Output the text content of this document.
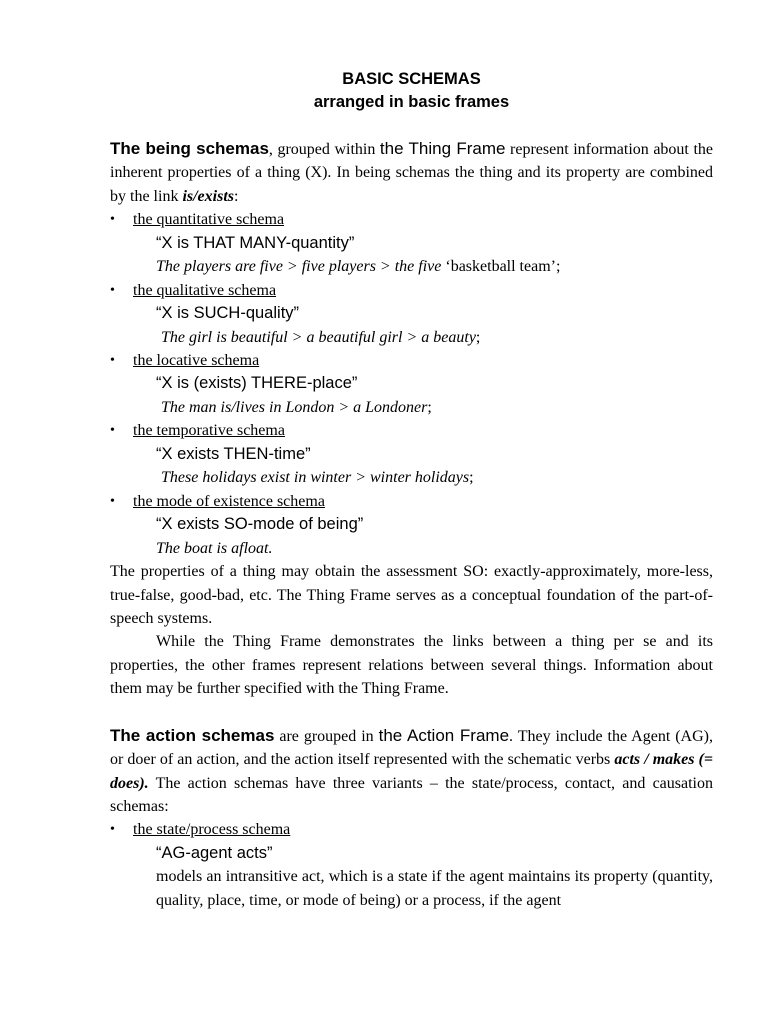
BASIC SCHEMAS
arranged in basic frames

The being schemas, grouped within the Thing Frame represent information about the inherent properties of a thing (X). In being schemas the thing and its property are combined by the link is/exists:

• the quantitative schema

“X is THAT MANY-quantity”
The players are five > five players > the five ‘basketball team’;

• the qualitative schema

“X is SUCH-quality”
The girl is beautiful > a beautiful girl > a beauty;

• the locative schema

“X is (exists) THERE-place”
The man is/lives in London > a Londoner;

• the temporative schema

“X exists THEN-time”
These holidays exist in winter > winter holidays;

• the mode of existence schema

“X exists SO-mode of being”
The boat is afloat.

The properties of a thing may obtain the assessment SO: exactly-approximately, more-less, true-false, good-bad, etc. The Thing Frame serves as a conceptual foundation of the part-of-speech systems.

While the Thing Frame demonstrates the links between a thing per se and its properties, the other frames represent relations between several things. Information about them may be further specified with the Thing Frame.

The action schemas are grouped in the Action Frame. They include the Agent (AG), or doer of an action, and the action itself represented with the schematic verbs acts / makes (= does). The action schemas have three variants – the state/process, contact, and causation schemas:

• the state/process schema

“AG-agent acts”
models an intransitive act, which is a state if the agent maintains its property (quantity, quality, place, time, or mode of being) or a process, if the agent
